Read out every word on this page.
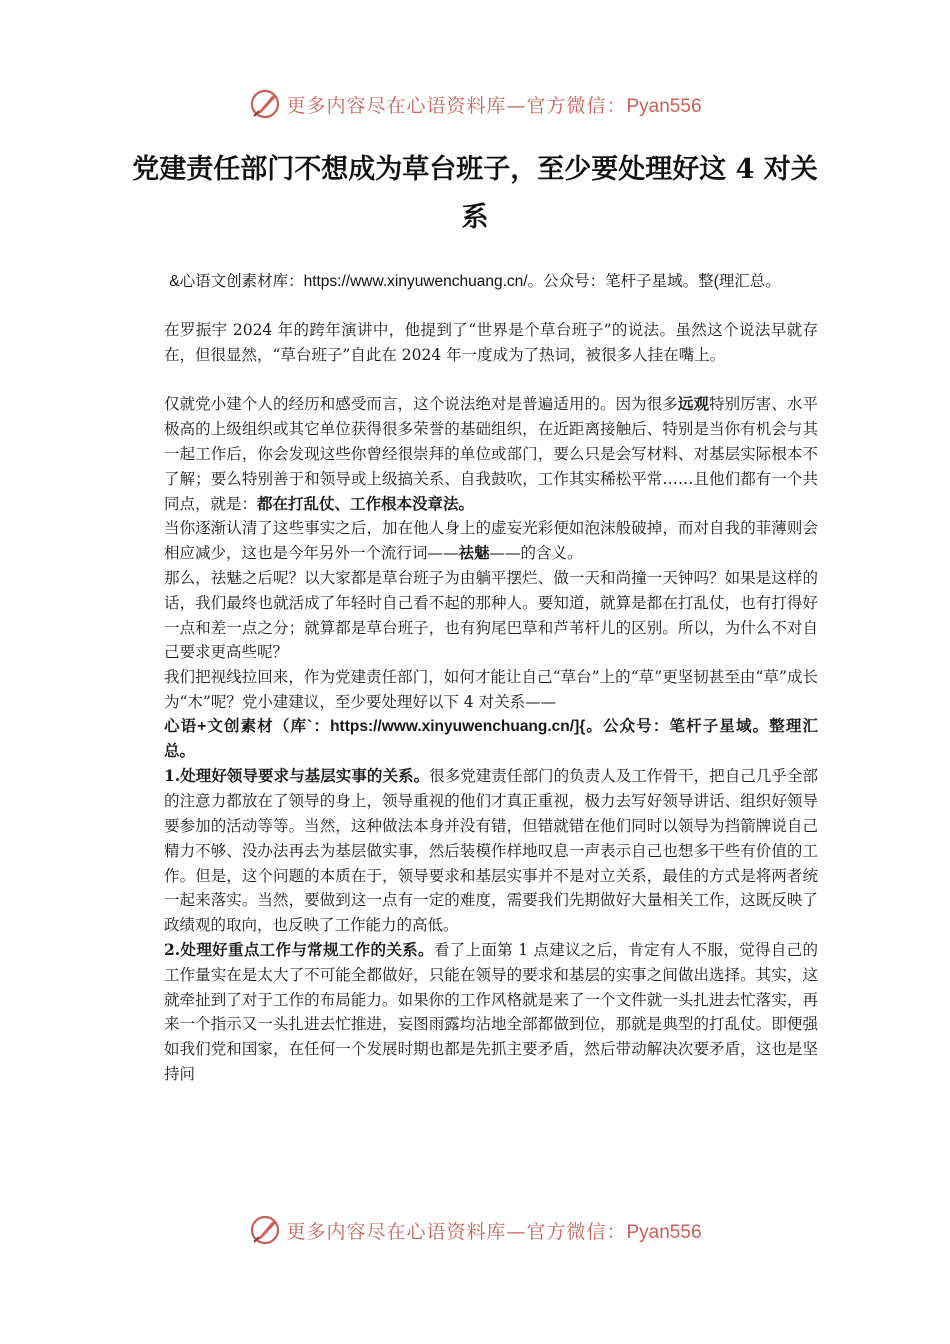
更多内容尽在心语资料库—官方微信：Pyan556
党建责任部门不想成为草台班子，至少要处理好这 4 对关系
&心语文创素材库：https://www.xinyuwenchuang.cn/。公众号：笔杆子星域。整(理汇总。

在罗振宇 2024 年的跨年演讲中，他提到了“世界是个草台班子”的说法。虽然这个说法早就存在，但很显然，“草台班子”自此在 2024 年一度成为了热词，被很多人挂在嘴上。

仅就党小建个人的经历和感受而言，这个说法绝对是普遍适用的。因为很多远观特别厉害、水平极高的上级组织或其它单位获得很多荣誉的基础组织，在近距离接触后、特别是当你有机会与其一起工作后，你会发现这些你曾经很崇拜的单位或部门，要么只是会写材料、对基层实际根本不了解；要么特别善于和领导或上级搞关系、自我鼓吹，工作其实稀松平常……且他们都有一个共同点，就是：都在打乱仗、工作根本没章法。

当你逐渐认清了这些事实之后，加在他人身上的虚妄光彩便如泡沫般破掉，而对自我的菲薄则会相应减少，这也是今年另外一个流行词——祛魅——的含义。

那么，祛魅之后呢？以大家都是草台班子为由躺平摆烂、做一天和尚撞一天钟吗？如果是这样的话，我们最终也就活成了年轻时自己看不起的那种人。要知道，就算是都在打乱仗，也有打得好一点和差一点之分；就算都是草台班子，也有狗尾巴草和芦苇杆儿的区别。所以，为什么不对自己要求更高些呢？

我们把视线拉回来，作为党建责任部门，如何才能让自己“草台”上的“草”更坚韧甚至由“草”成长为“木”呢？党小建建议，至少要处理好以下 4 对关系——

心语+文创素材（库`：https://www.xinyuwenchuang.cn/]{。公众号：笔杆子星域。整理汇总。

1.处理好领导要求与基层实事的关系。很多党建责任部门的负责人及工作骨干，把自己几乎全部的注意力都放在了领导的身上，领导重视的他们才真正重视，极力去写好领导讲话、组织好领导要参加的活动等等。当然，这种做法本身并没有错，但错就错在他们同时以领导为挡箭牌说自己精力不够、没办法再去为基层做实事，然后装模作样地叹息一声表示自己也想多干些有价值的工作。但是，这个问题的本质在于，领导要求和基层实事并不是对立关系，最佳的方式是将两者统一起来落实。当然，要做到这一点有一定的难度，需要我们先期做好大量相关工作，这既反映了政绩观的取向，也反映了工作能力的高低。

2.处理好重点工作与常规工作的关系。看了上面第 1 点建议之后，肯定有人不服，觉得自己的工作量实在是太大了不可能全都做好，只能在领导的要求和基层的实事之间做出选择。其实，这就牵扯到了对于工作的布局能力。如果你的工作风格就是来了一个文件就一头扎进去忙落实，再来一个指示又一头扎进去忙推进，妄图雨露均沾地全部都做到位，那就是典型的打乱仗。即便强如我们党和国家，在任何一个发展时期也都是先抓主要矛盾，然后带动解决次要矛盾，这也是坚持问

更多内容尽在心语资料库—官方微信：Pyan556
